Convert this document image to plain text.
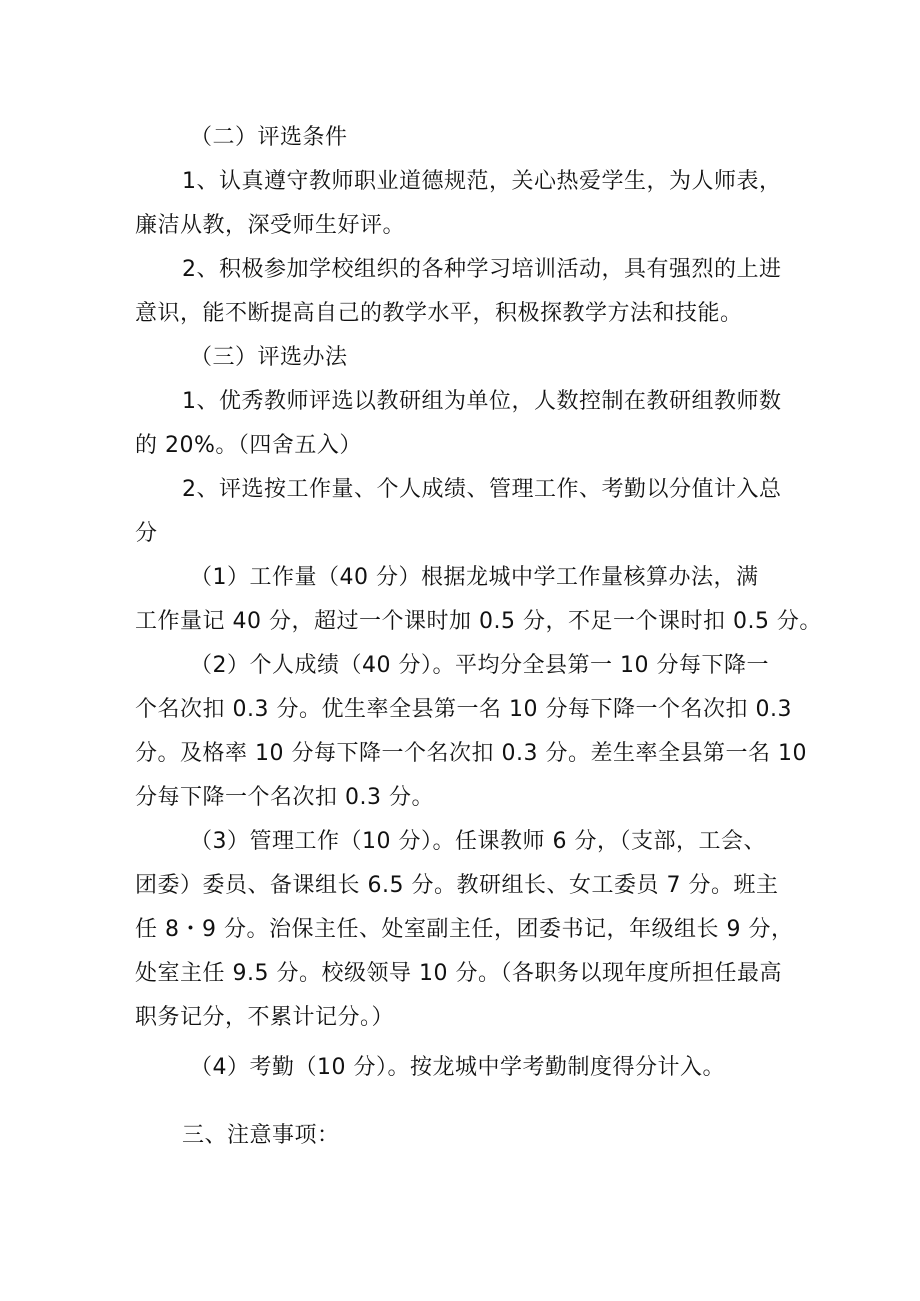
（二）评选条件
1、认真遵守教师职业道德规范，关心热爱学生，为人师表，
廉洁从教，深受师生好评。
2、积极参加学校组织的各种学习培训活动，具有强烈的上进
意识，能不断提高自己的教学水平，积极探教学方法和技能。
（三）评选办法
1、优秀教师评选以教研组为单位，人数控制在教研组教师数
的 20%。（四舍五入）
2、评选按工作量、个人成绩、管理工作、考勤以分值计入总
分
（1）工作量（40 分）根据龙城中学工作量核算办法，满
工作量记 40 分，超过一个课时加 0.5 分，不足一个课时扣 0.5 分。
（2）个人成绩（40 分）。平均分全县第一 10 分每下降一
个名次扣 0.3 分。优生率全县第一名 10 分每下降一个名次扣 0.3
分。及格率 10 分每下降一个名次扣 0.3 分。差生率全县第一名 10
分每下降一个名次扣 0.3 分。
（3）管理工作（10 分）。任课教师 6 分，（支部，工会、
团委）委员、备课组长 6.5 分。教研组长、女工委员 7 分。班主
任 8・9 分。治保主任、处室副主任，团委书记，年级组长 9 分，
处室主任 9.5 分。校级领导 10 分。（各职务以现年度所担任最高
职务记分，不累计记分。）
（4）考勤（10 分）。按龙城中学考勤制度得分计入。
三、注意事项：
